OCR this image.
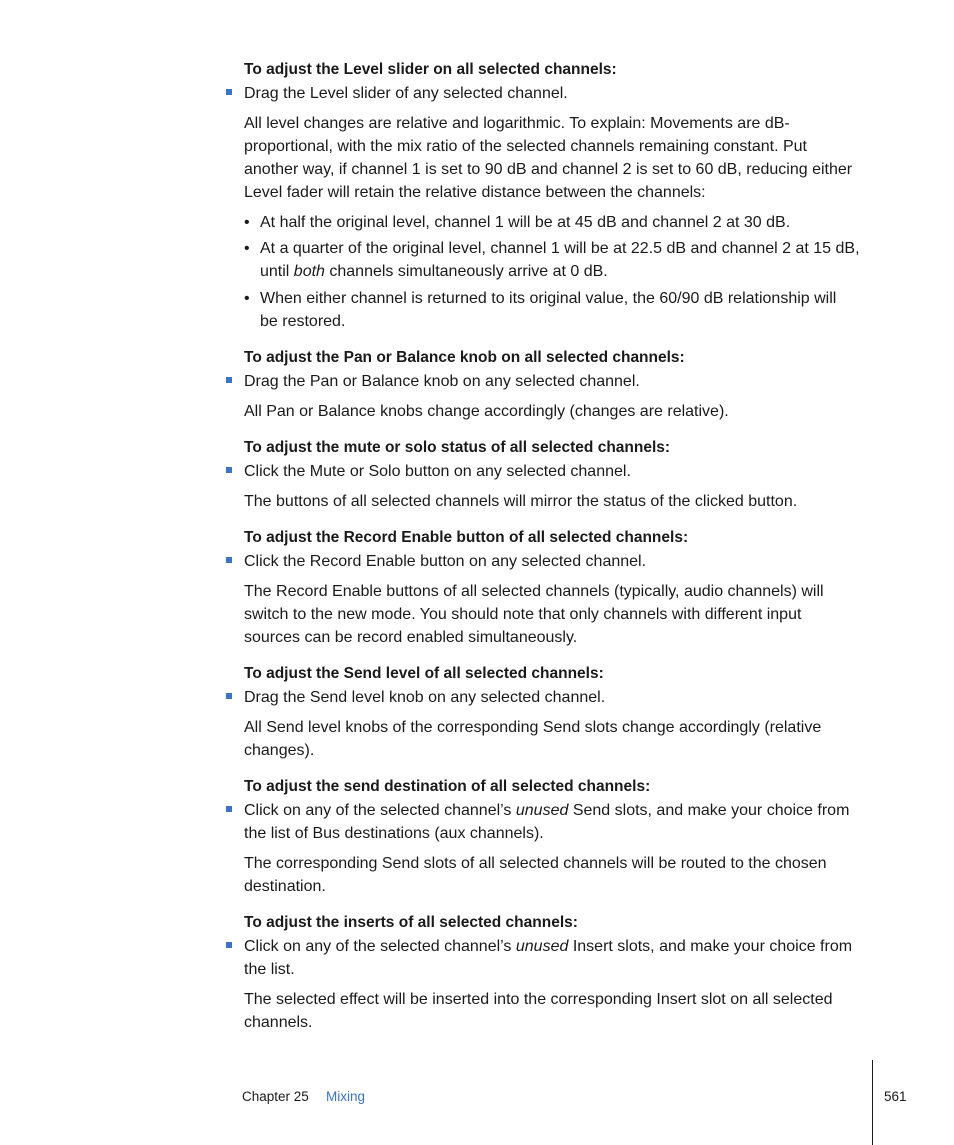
To adjust the Level slider on all selected channels:
Drag the Level slider of any selected channel.
All level changes are relative and logarithmic. To explain: Movements are dB-
proportional, with the mix ratio of the selected channels remaining constant. Put
another way, if channel 1 is set to 90 dB and channel 2 is set to 60 dB, reducing either
Level fader will retain the relative distance between the channels:
• At half the original level, channel 1 will be at 45 dB and channel 2 at 30 dB.
• At a quarter of the original level, channel 1 will be at 22.5 dB and channel 2 at 15 dB,
until both channels simultaneously arrive at 0 dB.
• When either channel is returned to its original value, the 60/90 dB relationship will
be restored.
To adjust the Pan or Balance knob on all selected channels:
Drag the Pan or Balance knob on any selected channel.
All Pan or Balance knobs change accordingly (changes are relative).
To adjust the mute or solo status of all selected channels:
Click the Mute or Solo button on any selected channel.
The buttons of all selected channels will mirror the status of the clicked button.
To adjust the Record Enable button of all selected channels:
Click the Record Enable button on any selected channel.
The Record Enable buttons of all selected channels (typically, audio channels) will
switch to the new mode. You should note that only channels with different input
sources can be record enabled simultaneously.
To adjust the Send level of all selected channels:
Drag the Send level knob on any selected channel.
All Send level knobs of the corresponding Send slots change accordingly (relative
changes).
To adjust the send destination of all selected channels:
Click on any of the selected channel’s unused Send slots, and make your choice from
the list of Bus destinations (aux channels).
The corresponding Send slots of all selected channels will be routed to the chosen
destination.
To adjust the inserts of all selected channels:
Click on any of the selected channel’s unused Insert slots, and make your choice from
the list.
The selected effect will be inserted into the corresponding Insert slot on all selected
channels.
Chapter 25 Mixing	561
